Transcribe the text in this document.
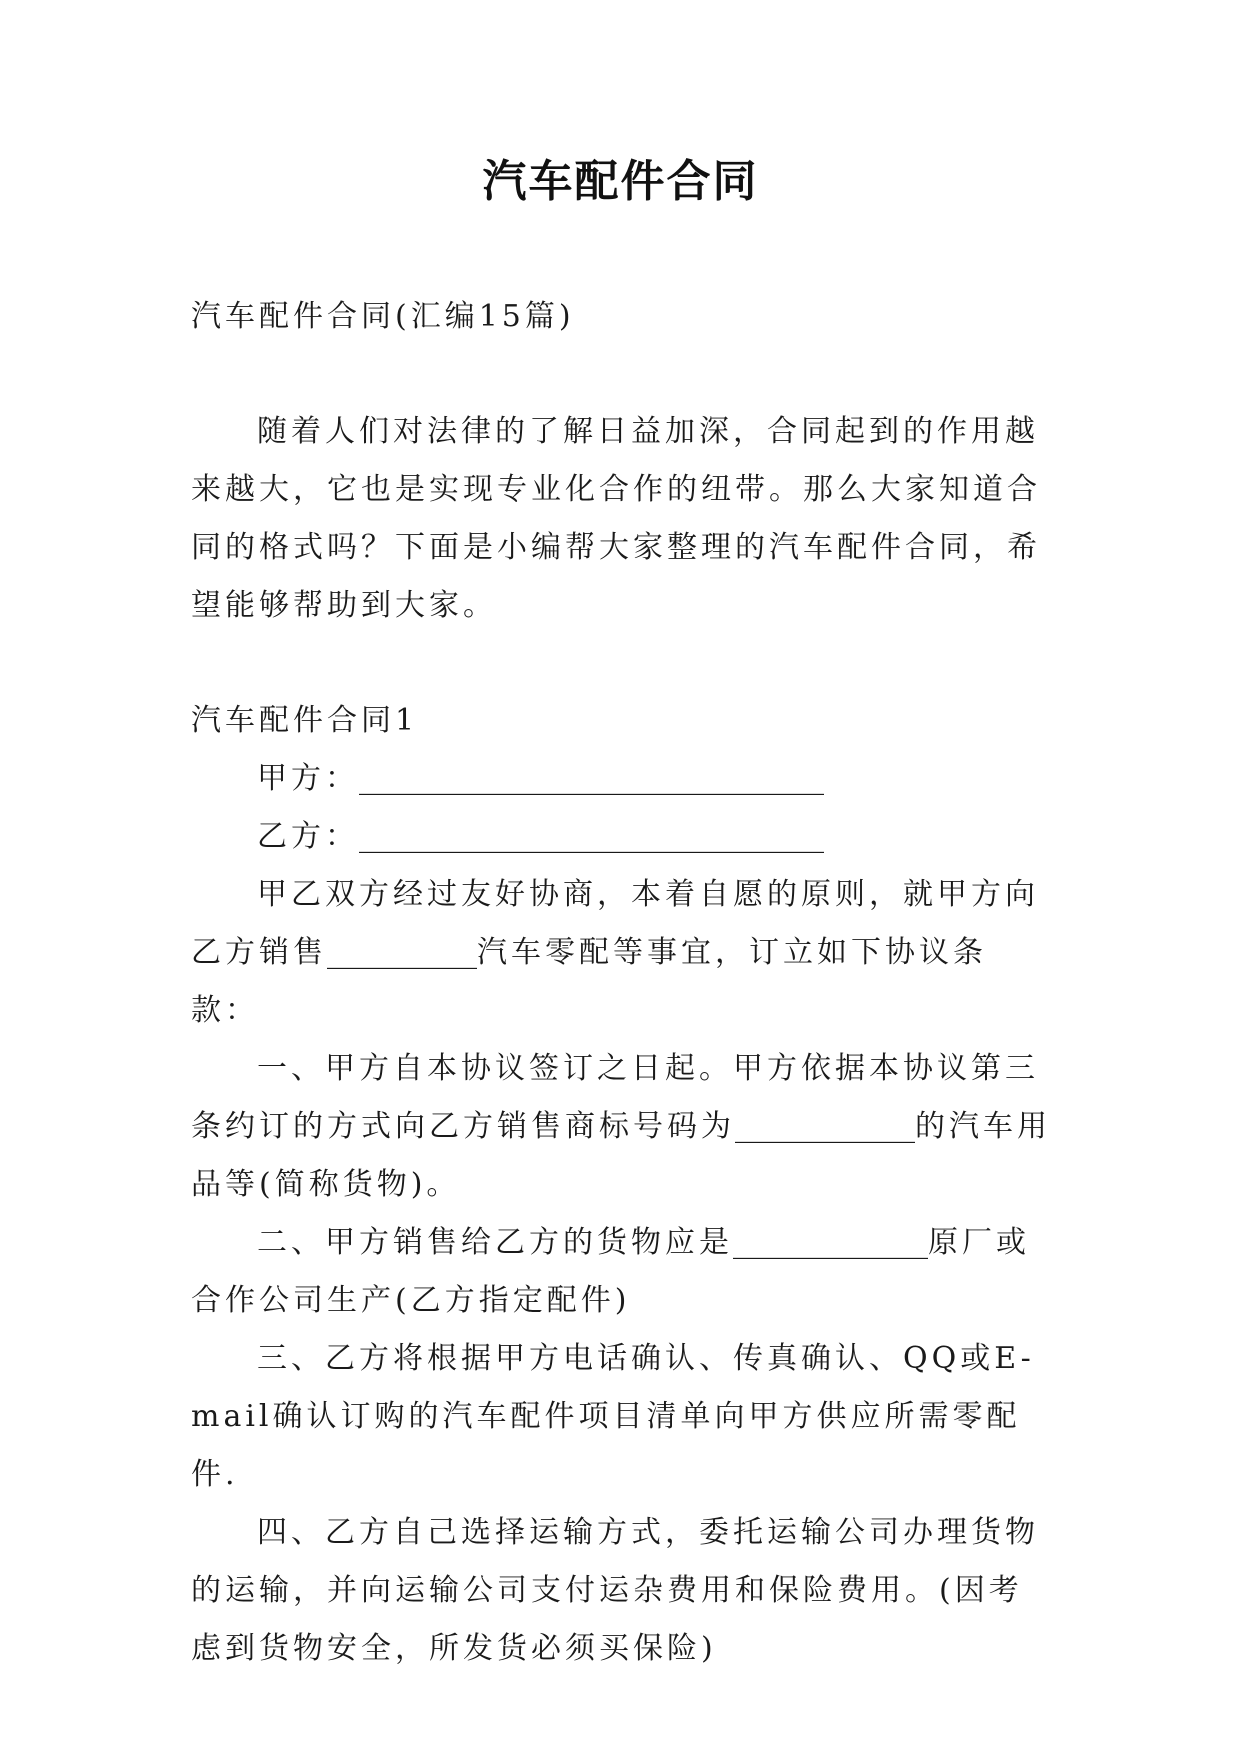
汽车配件合同

汽车配件合同(汇编15篇)

随着人们对法律的了解日益加深，合同起到的作用越来越大，它也是实现专业化合作的纽带。那么大家知道合同的格式吗？下面是小编帮大家整理的汽车配件合同，希望能够帮助到大家。

汽车配件合同1

甲方：_______________________________

乙方：_______________________________

甲乙双方经过友好协商，本着自愿的原则，就甲方向乙方销售__________汽车零配等事宜，订立如下协议条款：

一、甲方自本协议签订之日起。甲方依据本协议第三条约订的方式向乙方销售商标号码为____________的汽车用品等(简称货物)。

二、甲方销售给乙方的货物应是_____________原厂或合作公司生产(乙方指定配件)

三、乙方将根据甲方电话确认、传真确认、QQ或E-mail确认订购的汽车配件项目清单向甲方供应所需零配件.

四、乙方自己选择运输方式，委托运输公司办理货物的运输，并向运输公司支付运杂费用和保险费用。(因考虑到货物安全，所发货必须买保险)
